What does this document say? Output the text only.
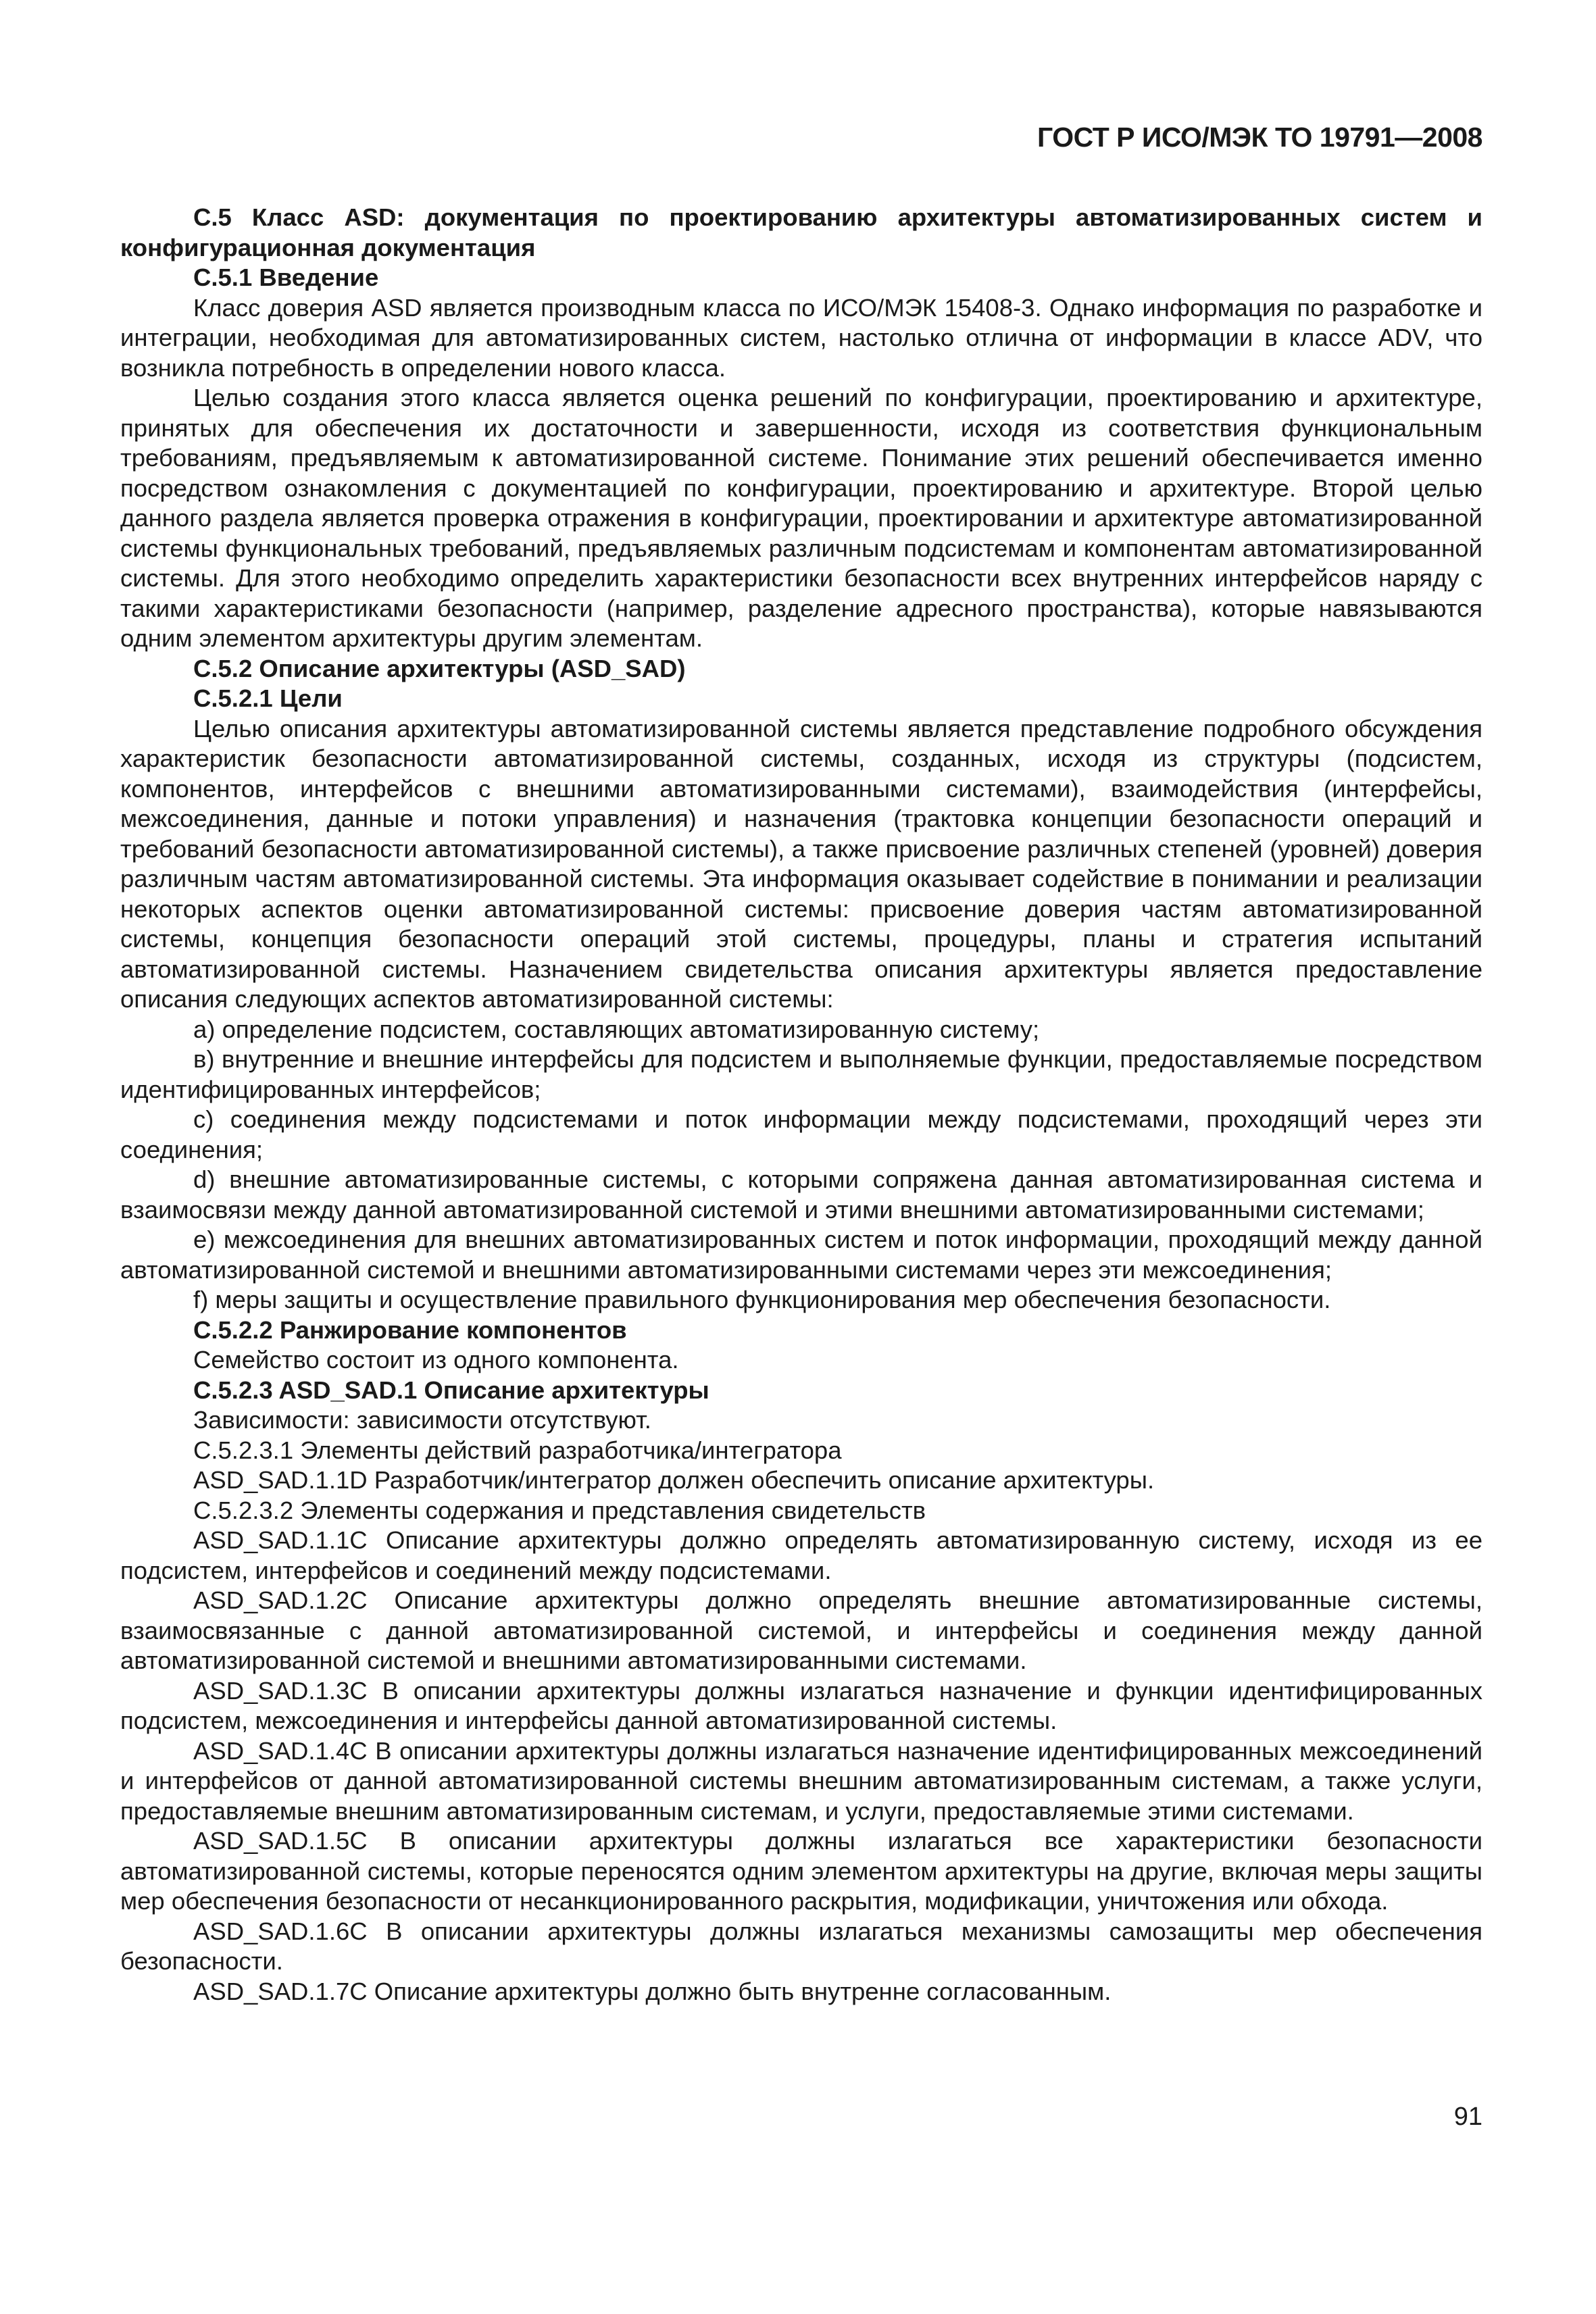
ГОСТ Р ИСО/МЭК ТО 19791—2008

C.5 Класс ASD: документация по проектированию архитектуры автоматизированных систем и конфигурационная документация

C.5.1 Введение

Класс доверия ASD является производным класса по ИСО/МЭК 15408-3. Однако информация по разработке и интеграции, необходимая для автоматизированных систем, настолько отлична от информации в классе ADV, что возникла потребность в определении нового класса.

Целью создания этого класса является оценка решений по конфигурации, проектированию и архитектуре, принятых для обеспечения их достаточности и завершенности, исходя из соответствия функциональным требованиям, предъявляемым к автоматизированной системе. Понимание этих решений обеспечивается именно посредством ознакомления с документацией по конфигурации, проектированию и архитектуре. Второй целью данного раздела является проверка отражения в конфигурации, проектировании и архитектуре автоматизированной системы функциональных требований, предъявляемых различным подсистемам и компонентам автоматизированной системы. Для этого необходимо определить характеристики безопасности всех внутренних интерфейсов наряду с такими характеристиками безопасности (например, разделение адресного пространства), которые навязываются одним элементом архитектуры другим элементам.

C.5.2 Описание архитектуры (ASD_SAD)

C.5.2.1 Цели

Целью описания архитектуры автоматизированной системы является представление подробного обсуждения характеристик безопасности автоматизированной системы, созданных, исходя из структуры (подсистем, компонентов, интерфейсов с внешними автоматизированными системами), взаимодействия (интерфейсы, межсоединения, данные и потоки управления) и назначения (трактовка концепции безопасности операций и требований безопасности автоматизированной системы), а также присвоение различных степеней (уровней) доверия различным частям автоматизированной системы. Эта информация оказывает содействие в понимании и реализации некоторых аспектов оценки автоматизированной системы: присвоение доверия частям автоматизированной системы, концепция безопасности операций этой системы, процедуры, планы и стратегия испытаний автоматизированной системы. Назначением свидетельства описания архитектуры является предоставление описания следующих аспектов автоматизированной системы:

а) определение подсистем, составляющих автоматизированную систему;

в) внутренние и внешние интерфейсы для подсистем и выполняемые функции, предоставляемые посредством идентифицированных интерфейсов;

с) соединения между подсистемами и поток информации между подсистемами, проходящий через эти соединения;

d) внешние автоматизированные системы, с которыми сопряжена данная автоматизированная система и взаимосвязи между данной автоматизированной системой и этими внешними автоматизированными системами;

е) межсоединения для внешних автоматизированных систем и поток информации, проходящий между данной автоматизированной системой и внешними автоматизированными системами через эти межсоединения;

f) меры защиты и осуществление правильного функционирования мер обеспечения безопасности.

C.5.2.2 Ранжирование компонентов

Семейство состоит из одного компонента.

C.5.2.3 ASD_SAD.1 Описание архитектуры

Зависимости: зависимости отсутствуют.

C.5.2.3.1 Элементы действий разработчика/интегратора

ASD_SAD.1.1D Разработчик/интегратор должен обеспечить описание архитектуры.

C.5.2.3.2 Элементы содержания и представления свидетельств

ASD_SAD.1.1C Описание архитектуры должно определять автоматизированную систему, исходя из ее подсистем, интерфейсов и соединений между подсистемами.

ASD_SAD.1.2C Описание архитектуры должно определять внешние автоматизированные системы, взаимосвязанные с данной автоматизированной системой, и интерфейсы и соединения между данной автоматизированной системой и внешними автоматизированными системами.

ASD_SAD.1.3C В описании архитектуры должны излагаться назначение и функции идентифицированных подсистем, межсоединения и интерфейсы данной автоматизированной системы.

ASD_SAD.1.4C В описании архитектуры должны излагаться назначение идентифицированных межсоединений и интерфейсов от данной автоматизированной системы внешним автоматизированным системам, а также услуги, предоставляемые внешним автоматизированным системам, и услуги, предоставляемые этими системами.

ASD_SAD.1.5C В описании архитектуры должны излагаться все характеристики безопасности автоматизированной системы, которые переносятся одним элементом архитектуры на другие, включая меры защиты мер обеспечения безопасности от несанкционированного раскрытия, модификации, уничтожения или обхода.

ASD_SAD.1.6C В описании архитектуры должны излагаться механизмы самозащиты мер обеспечения безопасности.

ASD_SAD.1.7C Описание архитектуры должно быть внутренне согласованным.

91
